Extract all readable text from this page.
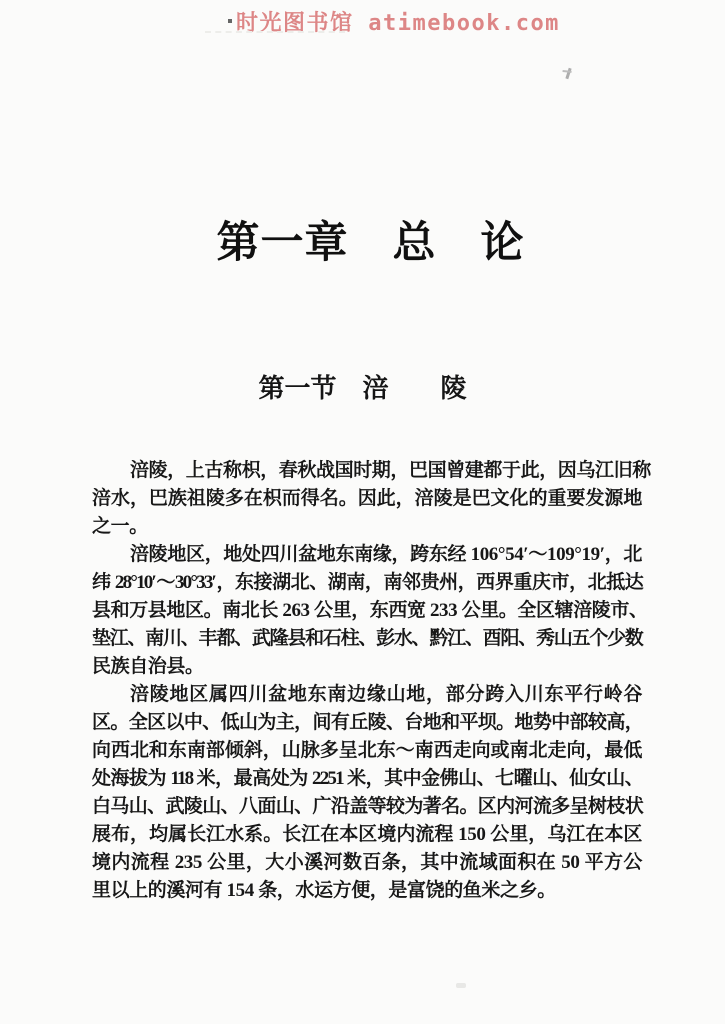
时光图书馆 atimebook.com
第一章　总　论
第一节　涪　　陵
涪陵，上古称枳，春秋战国时期，巴国曾建都于此，因乌江旧称
涪水，巴族祖陵多在枳而得名。因此，涪陵是巴文化的重要发源地
之一。
涪陵地区，地处四川盆地东南缘，跨东经 106°54′～109°19′，北
纬 28°10′～30°33′，东接湖北、湖南，南邻贵州，西界重庆市，北抵达
县和万县地区。南北长 263 公里，东西宽 233 公里。全区辖涪陵市、
垫江、南川、丰都、武隆县和石柱、彭水、黔江、酉阳、秀山五个少数
民族自治县。
涪陵地区属四川盆地东南边缘山地，部分跨入川东平行岭谷
区。全区以中、低山为主，间有丘陵、台地和平坝。地势中部较高，
向西北和东南部倾斜，山脉多呈北东～南西走向或南北走向，最低
处海拔为 118 米，最高处为 2251 米，其中金佛山、七曜山、仙女山、
白马山、武陵山、八面山、广沿盖等较为著名。区内河流多呈树枝状
展布，均属长江水系。长江在本区境内流程 150 公里，乌江在本区
境内流程 235 公里，大小溪河数百条，其中流域面积在 50 平方公
里以上的溪河有 154 条，水运方便，是富饶的鱼米之乡。
